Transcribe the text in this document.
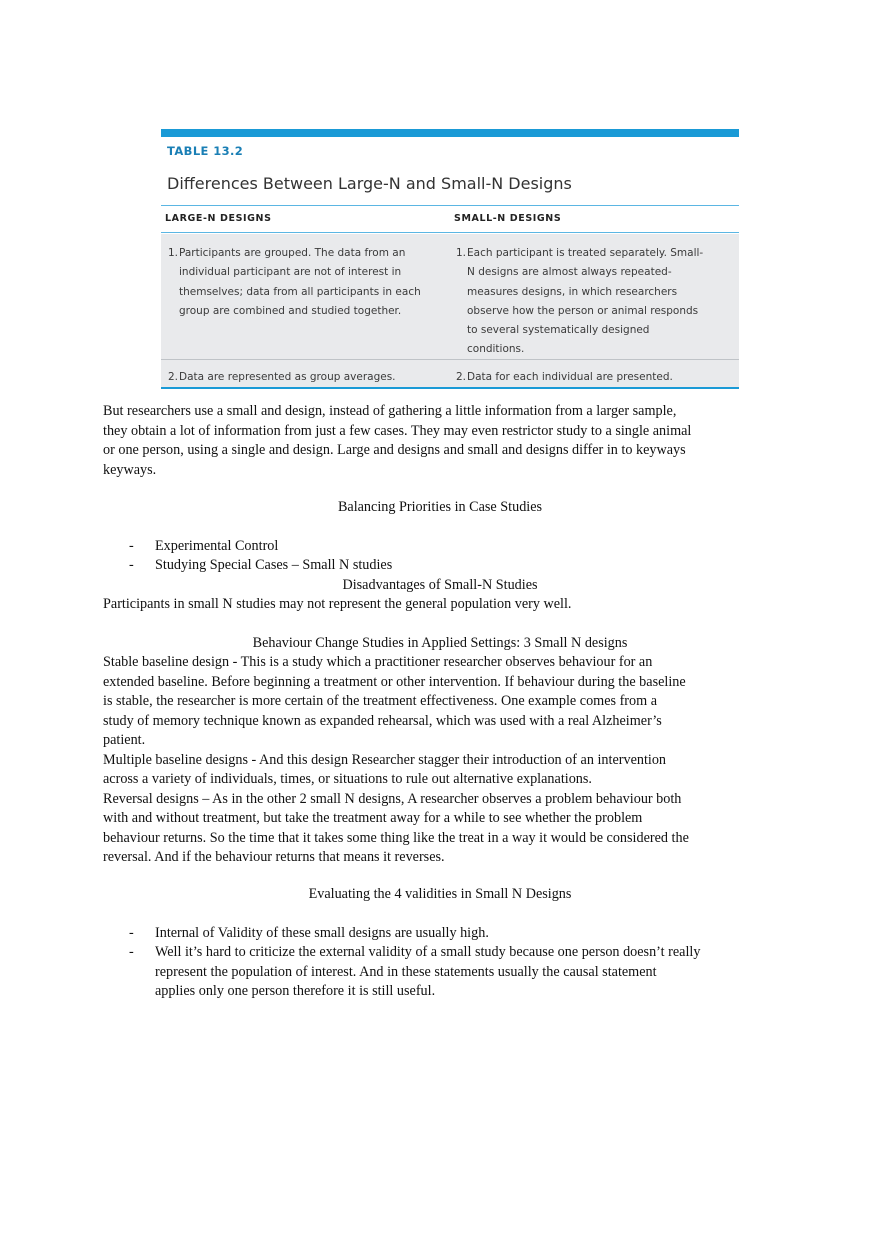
TABLE 13.2
Differences Between Large-N and Small-N Designs
LARGE-N DESIGNS	SMALL-N DESIGNS
1. Participants are grouped. The data from an
individual participant are not of interest in
themselves; data from all participants in each
group are combined and studied together.
1. Each participant is treated separately. Small-
N designs are almost always repeated-
measures designs, in which researchers
observe how the person or animal responds
to several systematically designed
conditions.
2. Data are represented as group averages.	2. Data for each individual are presented.
But researchers use a small and design, instead of gathering a little information from a larger sample,
they obtain a lot of information from just a few cases. They may even restrictor study to a single animal
or one person, using a single and design. Large and designs and small and designs differ in to keyways
keyways.
Balancing Priorities in Case Studies
- Experimental Control
- Studying Special Cases – Small N studies
Disadvantages of Small-N Studies
Participants in small N studies may not represent the general population very well.
Behaviour Change Studies in Applied Settings: 3 Small N designs
Stable baseline design - This is a study which a practitioner researcher observes behaviour for an
extended baseline. Before beginning a treatment or other intervention. If behaviour during the baseline
is stable, the researcher is more certain of the treatment effectiveness. One example comes from a
study of memory technique known as expanded rehearsal, which was used with a real Alzheimer’s
patient.
Multiple baseline designs - And this design Researcher stagger their introduction of an intervention
across a variety of individuals, times, or situations to rule out alternative explanations.
Reversal designs – As in the other 2 small N designs, A researcher observes a problem behaviour both
with and without treatment, but take the treatment away for a while to see whether the problem
behaviour returns. So the time that it takes some thing like the treat in a way it would be considered the
reversal. And if the behaviour returns that means it reverses.
Evaluating the 4 validities in Small N Designs
- Internal of Validity of these small designs are usually high.
- Well it’s hard to criticize the external validity of a small study because one person doesn’t really
represent the population of interest. And in these statements usually the causal statement
applies only one person therefore it is still useful.
